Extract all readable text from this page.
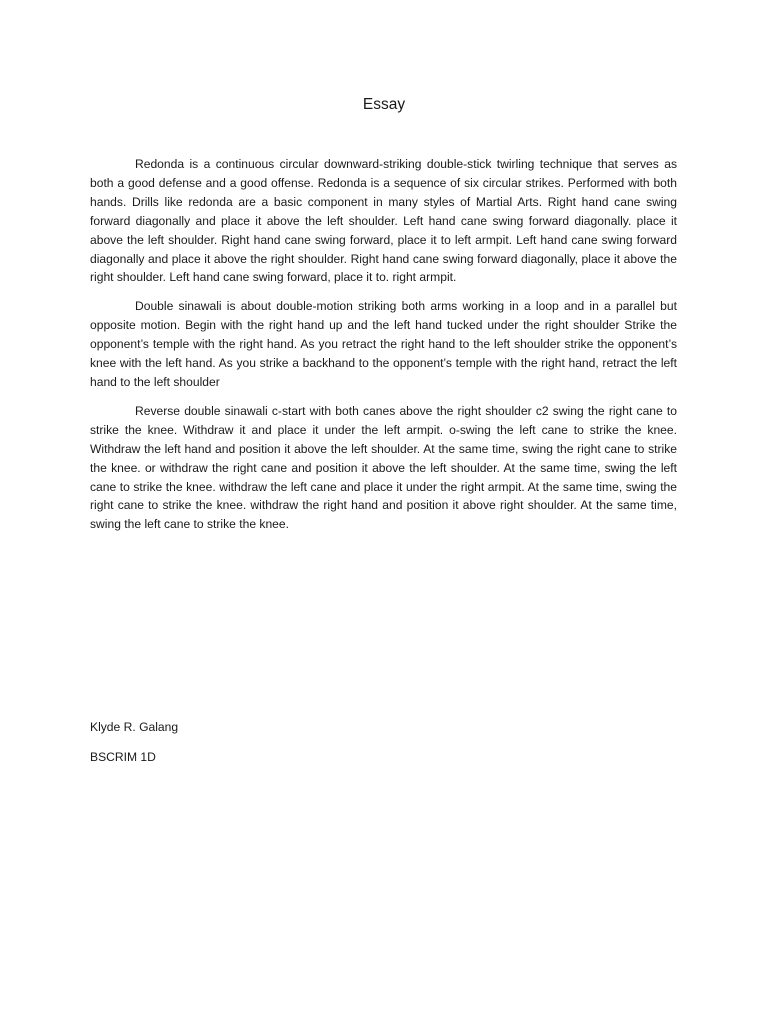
Essay

Redonda is a continuous circular downward-striking double-stick twirling technique that serves as both a good defense and a good offense. Redonda is a sequence of six circular strikes. Performed with both hands. Drills like redonda are a basic component in many styles of Martial Arts. Right hand cane swing forward diagonally and place it above the left shoulder. Left hand cane swing forward diagonally. place it above the left shoulder. Right hand cane swing forward, place it to left armpit. Left hand cane swing forward diagonally and place it above the right shoulder. Right hand cane swing forward diagonally, place it above the right shoulder. Left hand cane swing forward, place it to. right armpit.

Double sinawali is about double-motion striking both arms working in a loop and in a parallel but opposite motion. Begin with the right hand up and the left hand tucked under the right shoulder Strike the opponent’s temple with the right hand. As you retract the right hand to the left shoulder strike the opponent’s knee with the left hand. As you strike a backhand to the opponent’s temple with the right hand, retract the left hand to the left shoulder

Reverse double sinawali c-start with both canes above the right shoulder c2 swing the right cane to strike the knee. Withdraw it and place it under the left armpit. o-swing the left cane to strike the knee. Withdraw the left hand and position it above the left shoulder. At the same time, swing the right cane to strike the knee. or withdraw the right cane and position it above the left shoulder. At the same time, swing the left cane to strike the knee. withdraw the left cane and place it under the right armpit. At the same time, swing the right cane to strike the knee. withdraw the right hand and position it above right shoulder. At the same time, swing the left cane to strike the knee.

Klyde R. Galang

BSCRIM 1D
